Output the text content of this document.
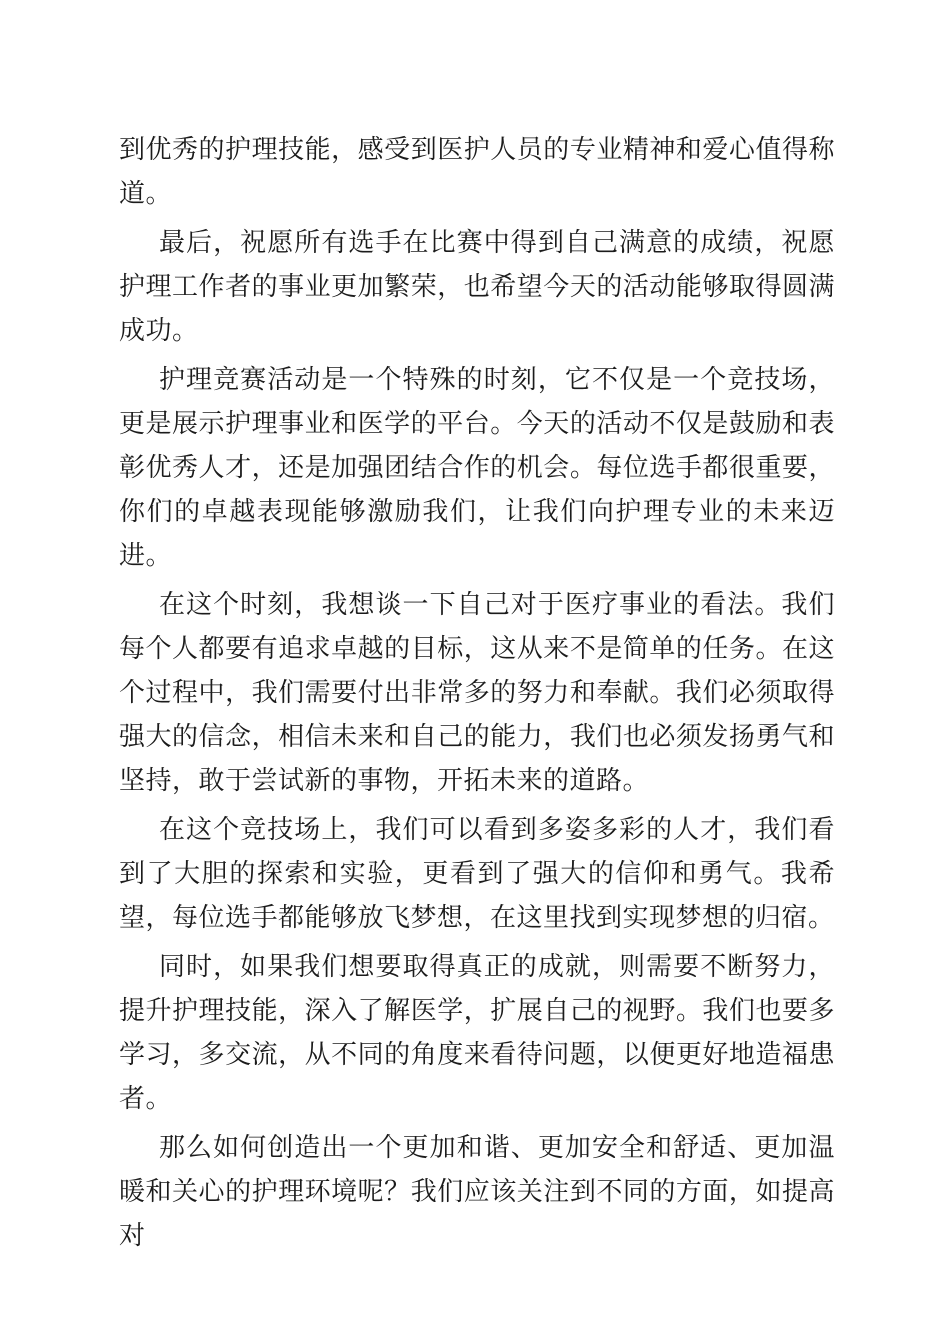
到优秀的护理技能，感受到医护人员的专业精神和爱心值得称道。

最后，祝愿所有选手在比赛中得到自己满意的成绩，祝愿护理工作者的事业更加繁荣，也希望今天的活动能够取得圆满成功。

护理竞赛活动是一个特殊的时刻，它不仅是一个竞技场，更是展示护理事业和医学的平台。今天的活动不仅是鼓励和表彰优秀人才，还是加强团结合作的机会。每位选手都很重要，你们的卓越表现能够激励我们，让我们向护理专业的未来迈进。

在这个时刻，我想谈一下自己对于医疗事业的看法。我们每个人都要有追求卓越的目标，这从来不是简单的任务。在这个过程中，我们需要付出非常多的努力和奉献。我们必须取得强大的信念，相信未来和自己的能力，我们也必须发扬勇气和坚持，敢于尝试新的事物，开拓未来的道路。

在这个竞技场上，我们可以看到多姿多彩的人才，我们看到了大胆的探索和实验，更看到了强大的信仰和勇气。我希望，每位选手都能够放飞梦想，在这里找到实现梦想的归宿。

同时，如果我们想要取得真正的成就，则需要不断努力，提升护理技能，深入了解医学，扩展自己的视野。我们也要多学习，多交流，从不同的角度来看待问题，以便更好地造福患者。

那么如何创造出一个更加和谐、更加安全和舒适、更加温暖和关心的护理环境呢？我们应该关注到不同的方面，如提高对
